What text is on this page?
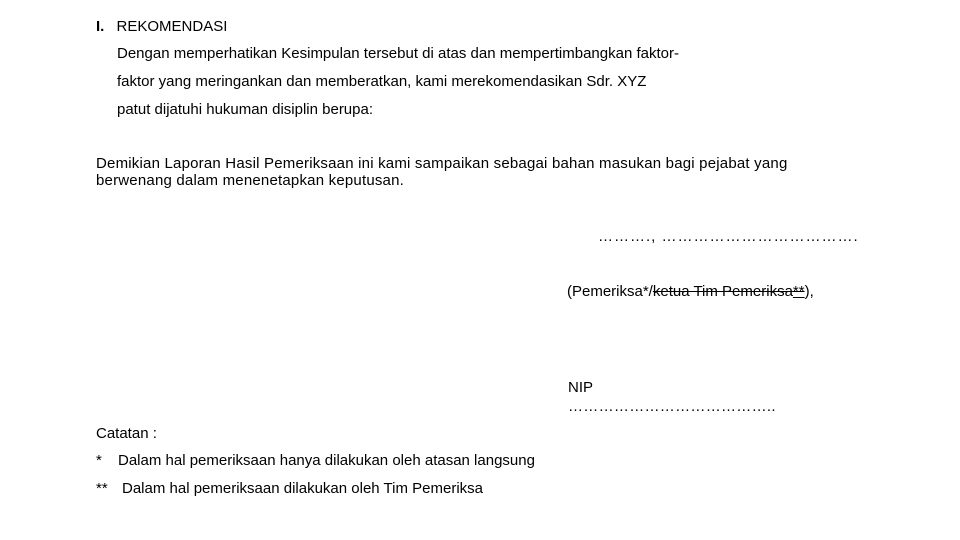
I. REKOMENDASI
Dengan memperhatikan Kesimpulan tersebut di atas dan mempertimbangkan faktor-
faktor yang meringankan dan memberatkan, kami merekomendasikan Sdr. XYZ
patut dijatuhi hukuman disiplin berupa:
Demikian Laporan Hasil Pemeriksaan ini kami sampaikan sebagai bahan masukan bagi pejabat yang berwenang dalam menenetapkan keputusan.
………., ……………………………….
(Pemeriksa*/ketua Tim Pemeriksa**),
NIP
…………………………………..
Catatan :
* Dalam hal pemeriksaan hanya dilakukan oleh atasan langsung
** Dalam hal pemeriksaan dilakukan oleh Tim Pemeriksa
